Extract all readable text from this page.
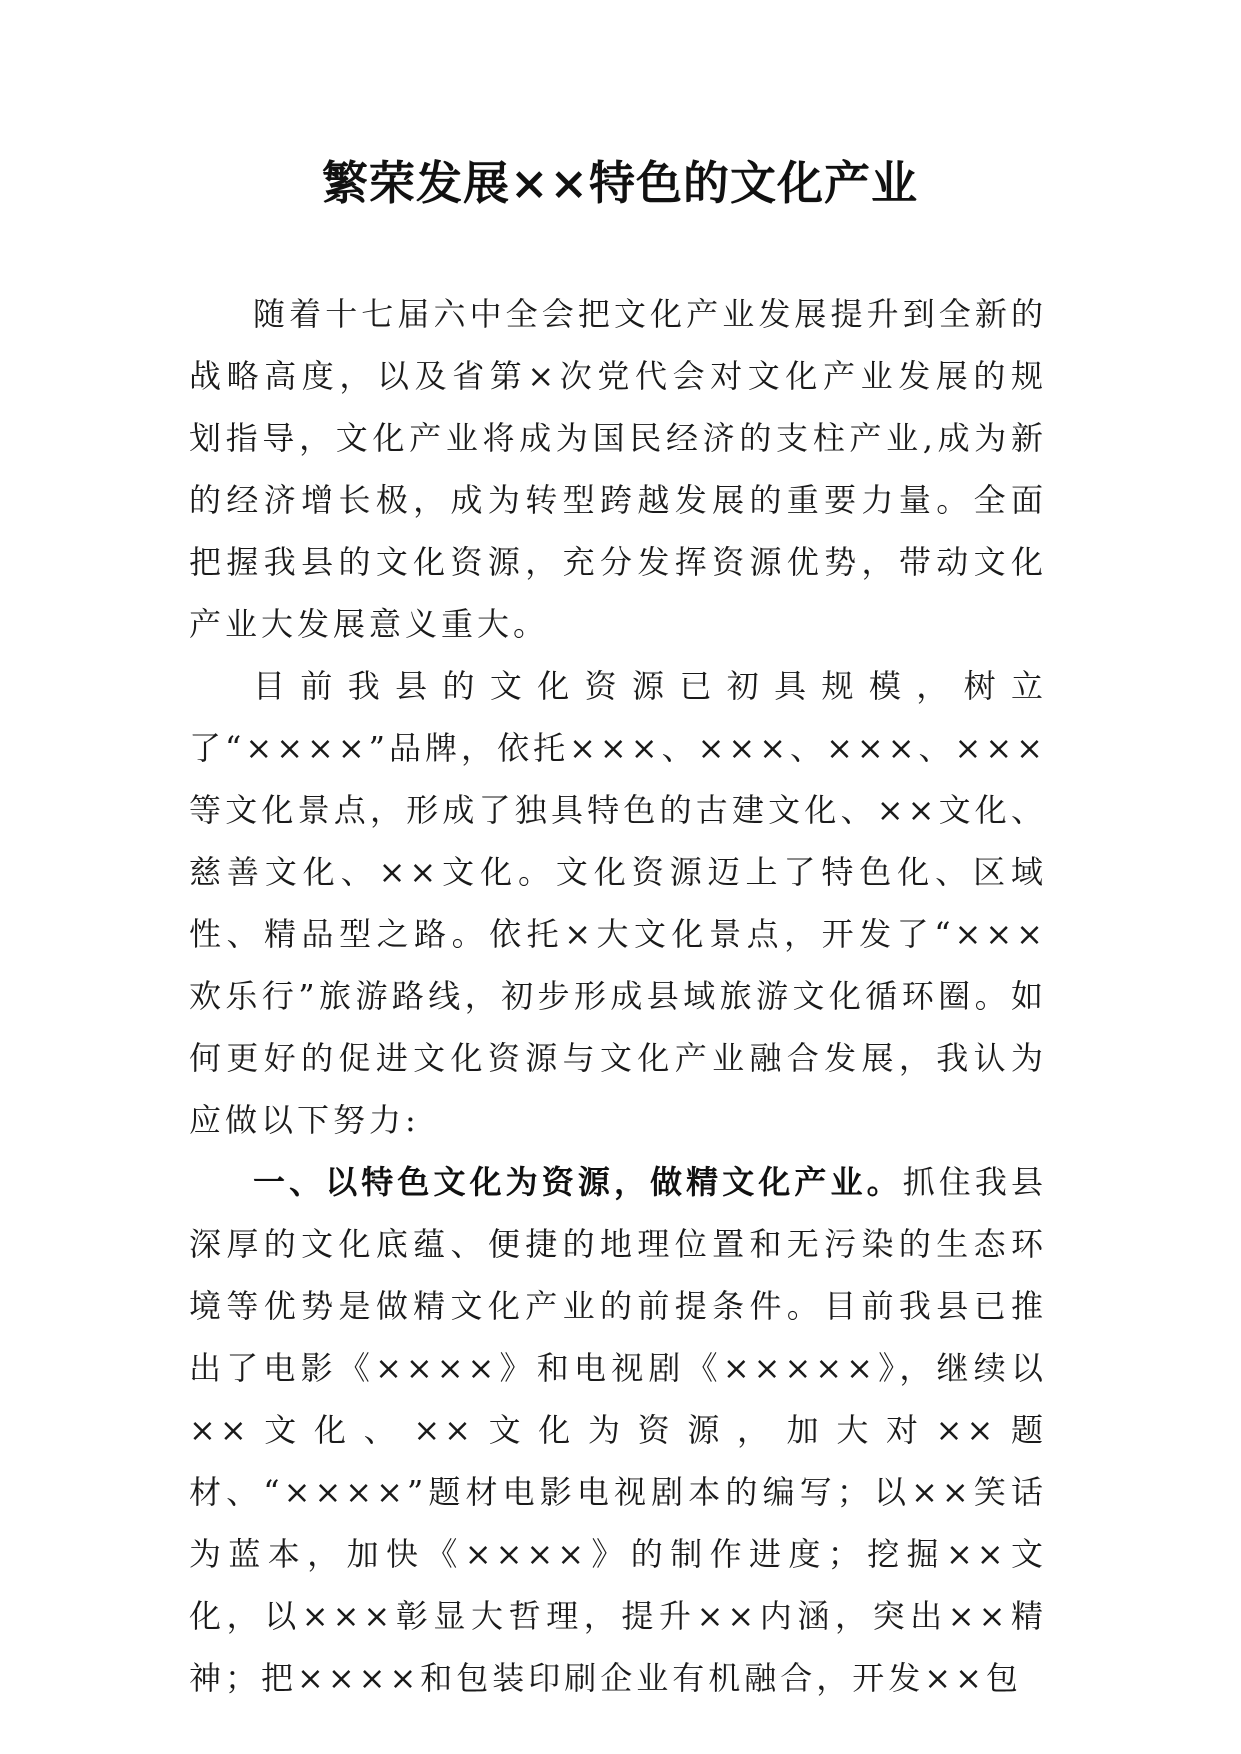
繁荣发展××特色的文化产业

随着十七届六中全会把文化产业发展提升到全新的战略高度，以及省第×次党代会对文化产业发展的规划指导，文化产业将成为国民经济的支柱产业,成为新的经济增长极，成为转型跨越发展的重要力量。全面把握我县的文化资源，充分发挥资源优势，带动文化产业大发展意义重大。

目前我县的文化资源已初具规模，树立了“××××”品牌，依托×××、×××、×××、×××等文化景点，形成了独具特色的古建文化、××文化、慈善文化、××文化。文化资源迈上了特色化、区域性、精品型之路。依托×大文化景点，开发了“×××欢乐行”旅游路线，初步形成县域旅游文化循环圈。如何更好的促进文化资源与文化产业融合发展，我认为应做以下努力:

一、以特色文化为资源，做精文化产业。抓住我县深厚的文化底蕴、便捷的地理位置和无污染的生态环境等优势是做精文化产业的前提条件。目前我县已推出了电影《××××》和电视剧《×××××》，继续以××文化、××文化为资源，加大对××题材、“××××”题材电影电视剧本的编写；以××笑话为蓝本，加快《××××》的制作进度；挖掘××文化，以×××彰显大哲理，提升××内涵，突出××精神；把××××和包装印刷企业有机融合，开发××包
